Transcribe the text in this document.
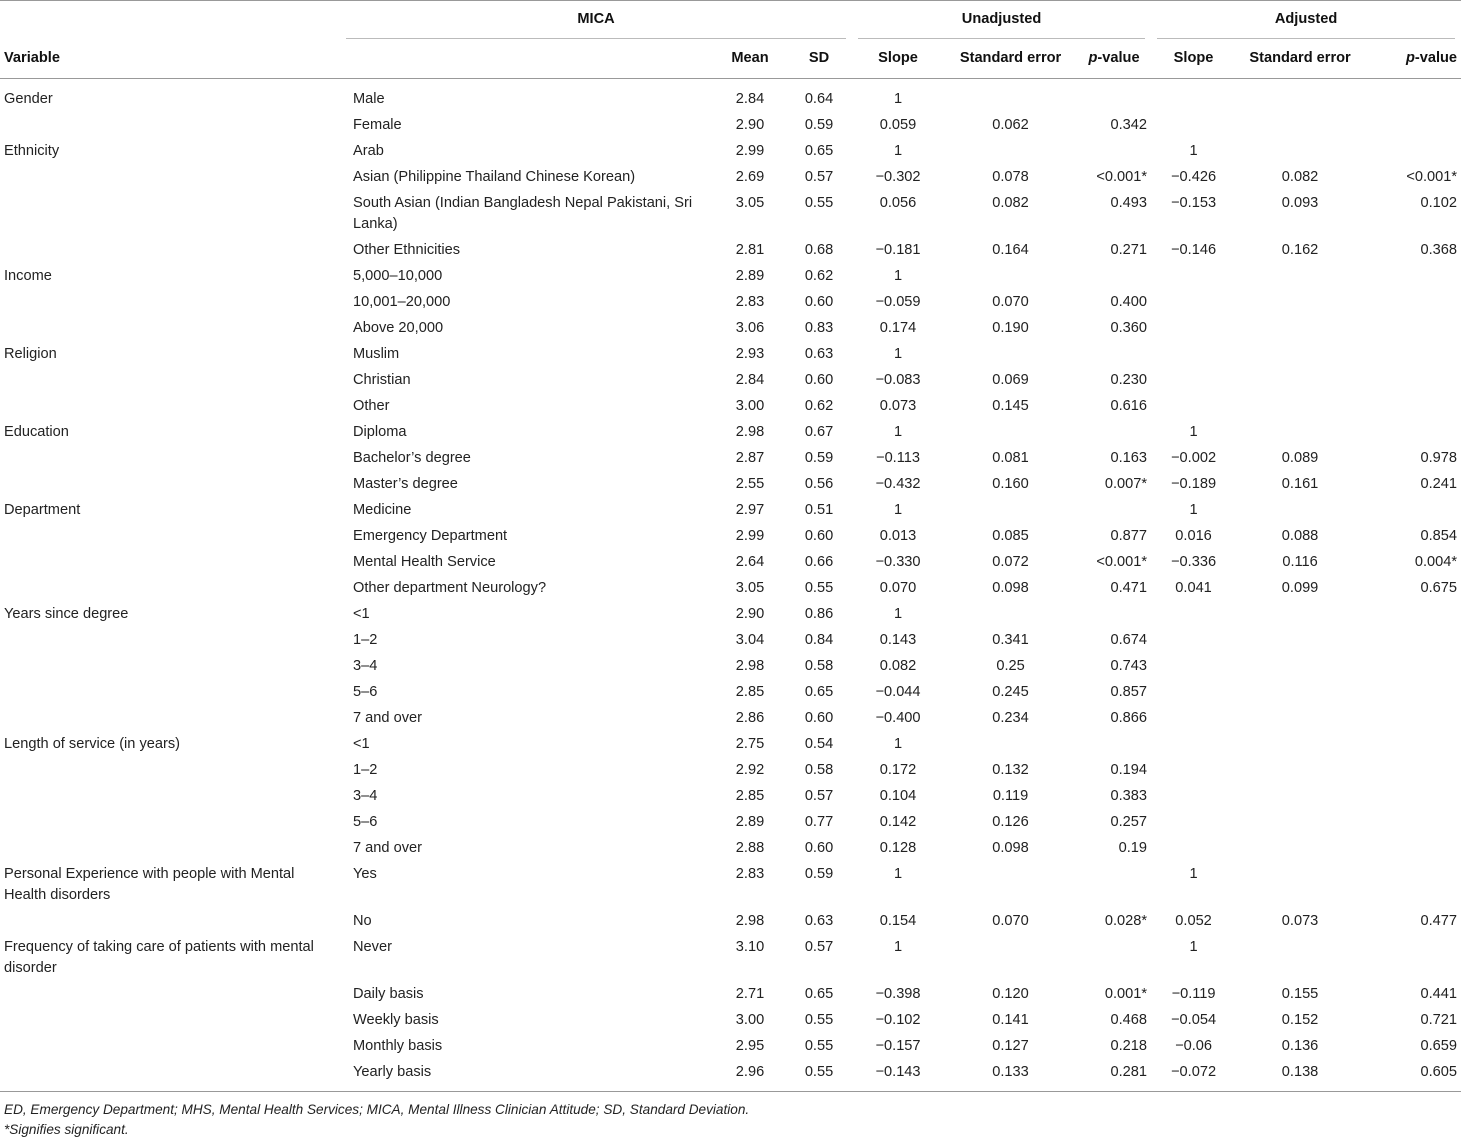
	MICA			Unadjusted			Adjusted		

Variable		Mean	SD	Slope	Standard error	p-value	Slope	Standard error	p-value
Gender	Male	2.84	0.64	1					
	Female	2.90	0.59	0.059	0.062	0.342			
Ethnicity	Arab	2.99	0.65	1			1		
	Asian (Philippine Thailand Chinese Korean)	2.69	0.57	−0.302	0.078	<0.001*	−0.426	0.082	<0.001*
	South Asian (Indian Bangladesh Nepal Pakistani, Sri Lanka)	3.05	0.55	0.056	0.082	0.493	−0.153	0.093	0.102
	Other Ethnicities	2.81	0.68	−0.181	0.164	0.271	−0.146	0.162	0.368
Income	5,000–10,000	2.89	0.62	1					
	10,001–20,000	2.83	0.60	−0.059	0.070	0.400			
	Above 20,000	3.06	0.83	0.174	0.190	0.360			
Religion	Muslim	2.93	0.63	1					
	Christian	2.84	0.60	−0.083	0.069	0.230			
	Other	3.00	0.62	0.073	0.145	0.616			
Education	Diploma	2.98	0.67	1			1		
	Bachelor’s degree	2.87	0.59	−0.113	0.081	0.163	−0.002	0.089	0.978
	Master’s degree	2.55	0.56	−0.432	0.160	0.007*	−0.189	0.161	0.241
Department	Medicine	2.97	0.51	1			1		
	Emergency Department	2.99	0.60	0.013	0.085	0.877	0.016	0.088	0.854
	Mental Health Service	2.64	0.66	−0.330	0.072	<0.001*	−0.336	0.116	0.004*
	Other department Neurology?	3.05	0.55	0.070	0.098	0.471	0.041	0.099	0.675
Years since degree	<1	2.90	0.86	1					
	1–2	3.04	0.84	0.143	0.341	0.674			
	3–4	2.98	0.58	0.082	0.25	0.743			
	5–6	2.85	0.65	−0.044	0.245	0.857			
	7 and over	2.86	0.60	−0.400	0.234	0.866			
Length of service (in years)	<1	2.75	0.54	1					
	1–2	2.92	0.58	0.172	0.132	0.194			
	3–4	2.85	0.57	0.104	0.119	0.383			
	5–6	2.89	0.77	0.142	0.126	0.257			
	7 and over	2.88	0.60	0.128	0.098	0.19			
Personal Experience with people with Mental Health disorders	Yes	2.83	0.59	1			1		
	No	2.98	0.63	0.154	0.070	0.028*	0.052	0.073	0.477
Frequency of taking care of patients with mental disorder	Never	3.10	0.57	1			1		
	Daily basis	2.71	0.65	−0.398	0.120	0.001*	−0.119	0.155	0.441
	Weekly basis	3.00	0.55	−0.102	0.141	0.468	−0.054	0.152	0.721
	Monthly basis	2.95	0.55	−0.157	0.127	0.218	−0.06	0.136	0.659
	Yearly basis	2.96	0.55	−0.143	0.133	0.281	−0.072	0.138	0.605
ED, Emergency Department; MHS, Mental Health Services; MICA, Mental Illness Clinician Attitude; SD, Standard Deviation.
*Signifies significant.
